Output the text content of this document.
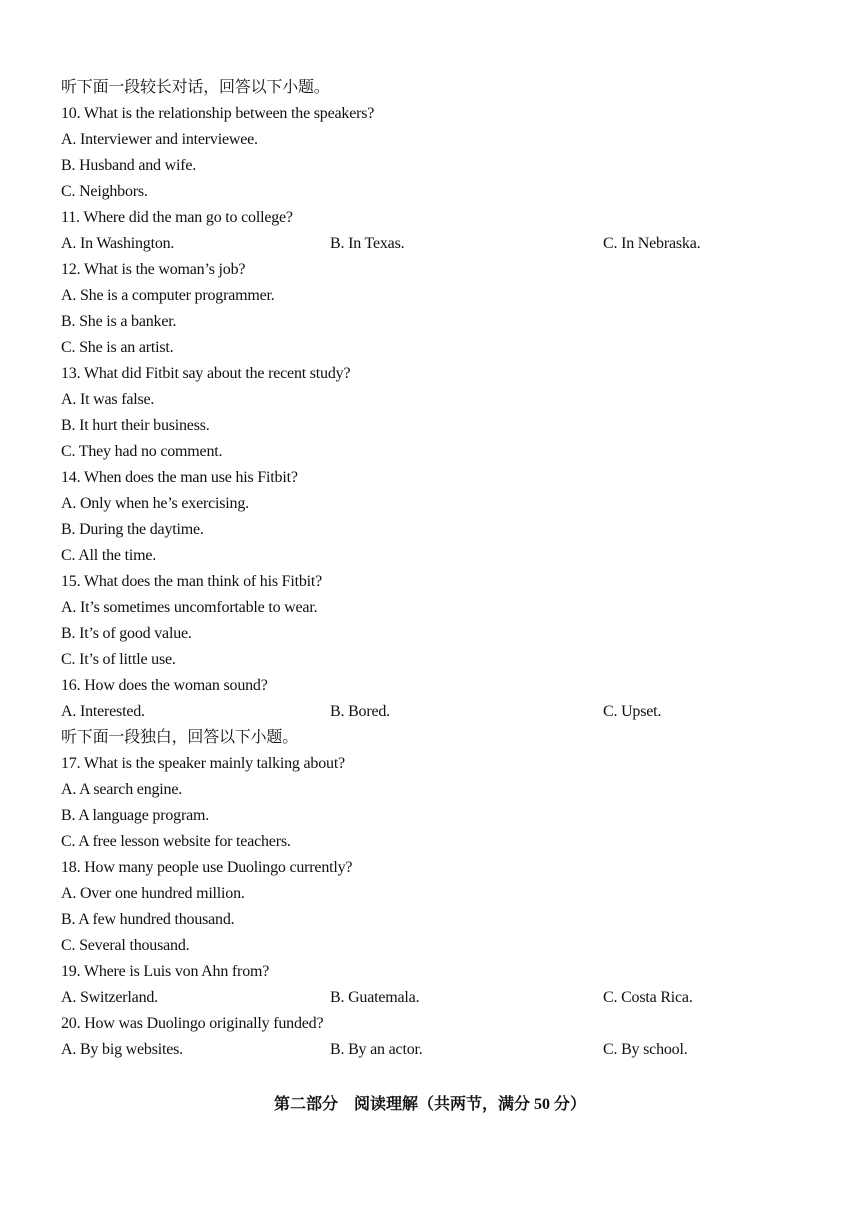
听下面一段较长对话，回答以下小题。
10. What is the relationship between the speakers?
A. Interviewer and interviewee.
B. Husband and wife.
C. Neighbors.
11. Where did the man go to college?
A. In Washington.	B. In Texas.	C. In Nebraska.
12. What is the woman’s job?
A. She is a computer programmer.
B. She is a banker.
C. She is an artist.
13. What did Fitbit say about the recent study?
A. It was false.
B. It hurt their business.
C. They had no comment.
14. When does the man use his Fitbit?
A. Only when he’s exercising.
B. During the daytime.
C. All the time.
15. What does the man think of his Fitbit?
A. It’s sometimes uncomfortable to wear.
B. It’s of good value.
C. It’s of little use.
16. How does the woman sound?
A. Interested.	B. Bored.	C. Upset.
听下面一段独白，回答以下小题。
17. What is the speaker mainly talking about?
A. A search engine.
B. A language program.
C. A free lesson website for teachers.
18. How many people use Duolingo currently?
A. Over one hundred million.
B. A few hundred thousand.
C. Several thousand.
19. Where is Luis von Ahn from?
A. Switzerland.	B. Guatemala.	C. Costa Rica.
20. How was Duolingo originally funded?
A. By big websites.	B. By an actor.	C. By school.
第二部分　阅读理解（共两节，满分 50 分）
